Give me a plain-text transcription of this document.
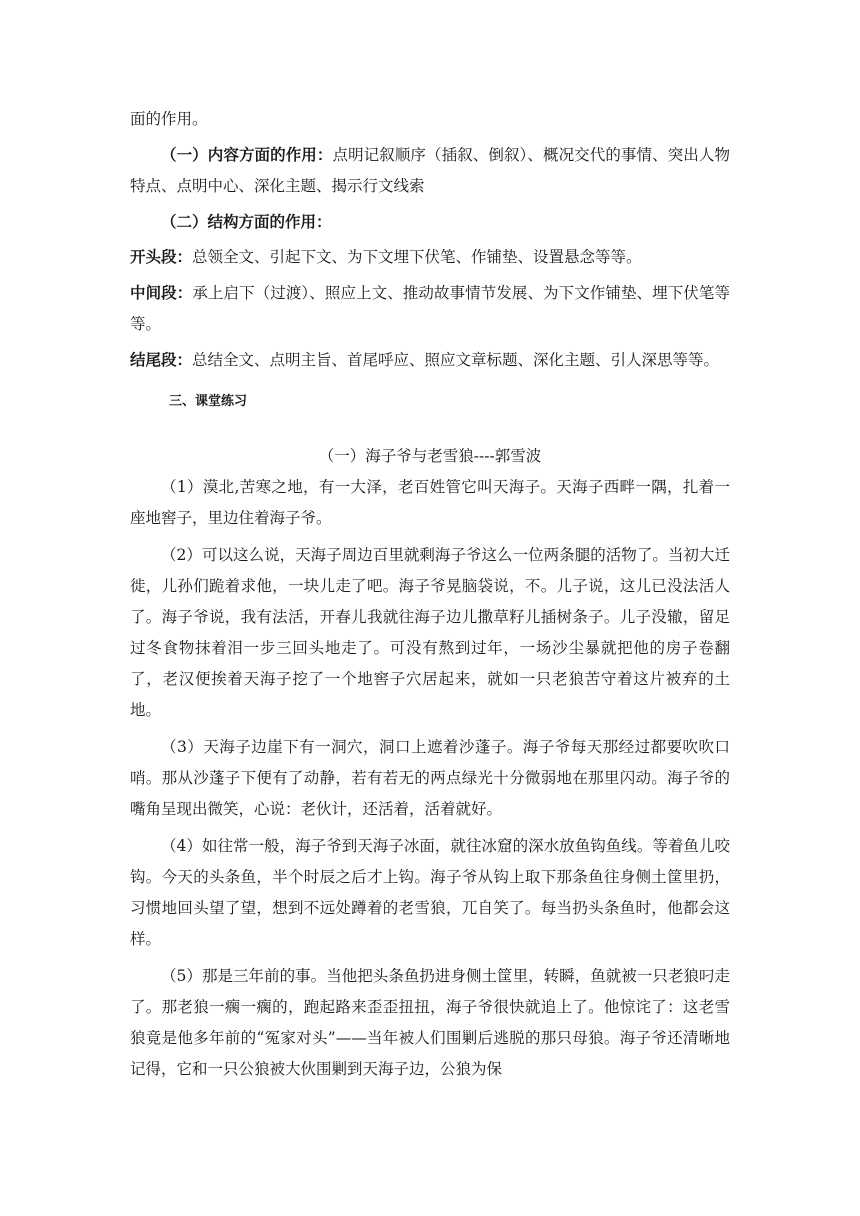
面的作用。

（一）内容方面的作用：点明记叙顺序（插叙、倒叙）、概况交代的事情、突出人物特点、点明中心、深化主题、揭示行文线索

（二）结构方面的作用：

开头段：总领全文、引起下文、为下文埋下伏笔、作铺垫、设置悬念等等。

中间段：承上启下（过渡）、照应上文、推动故事情节发展、为下文作铺垫、埋下伏笔等等。

结尾段：总结全文、点明主旨、首尾呼应、照应文章标题、深化主题、引人深思等等。

三、课堂练习

（一）海子爷与老雪狼----郭雪波

（1）漠北,苦寒之地，有一大泽，老百姓管它叫天海子。天海子西畔一隅，扎着一座地窖子，里边住着海子爷。

（2）可以这么说，天海子周边百里就剩海子爷这么一位两条腿的活物了。当初大迁徙，儿孙们跪着求他，一块儿走了吧。海子爷晃脑袋说，不。儿子说，这儿已没法活人了。海子爷说，我有法活，开春儿我就往海子边儿撒草籽儿插树条子。儿子没辙，留足过冬食物抹着泪一步三回头地走了。可没有熬到过年，一场沙尘暴就把他的房子卷翻了，老汉便挨着天海子挖了一个地窖子穴居起来，就如一只老狼苦守着这片被弃的土地。

（3）天海子边崖下有一洞穴，洞口上遮着沙蓬子。海子爷每天那经过都要吹吹口哨。那从沙蓬子下便有了动静，若有若无的两点绿光十分微弱地在那里闪动。海子爷的嘴角呈现出微笑，心说：老伙计，还活着，活着就好。

（4）如往常一般，海子爷到天海子冰面，就往冰窟的深水放鱼钩鱼线。等着鱼儿咬钩。今天的头条鱼，半个时辰之后才上钩。海子爷从钩上取下那条鱼往身侧土筐里扔，习惯地回头望了望，想到不远处蹲着的老雪狼，兀自笑了。每当扔头条鱼时，他都会这样。

（5）那是三年前的事。当他把头条鱼扔进身侧土筐里，转瞬，鱼就被一只老狼叼走了。那老狼一瘸一瘸的，跑起路来歪歪扭扭，海子爷很快就追上了。他惊诧了：这老雪狼竟是他多年前的“冤家对头”——当年被人们围剿后逃脱的那只母狼。海子爷还清晰地记得，它和一只公狼被大伙围剿到天海子边，公狼为保
